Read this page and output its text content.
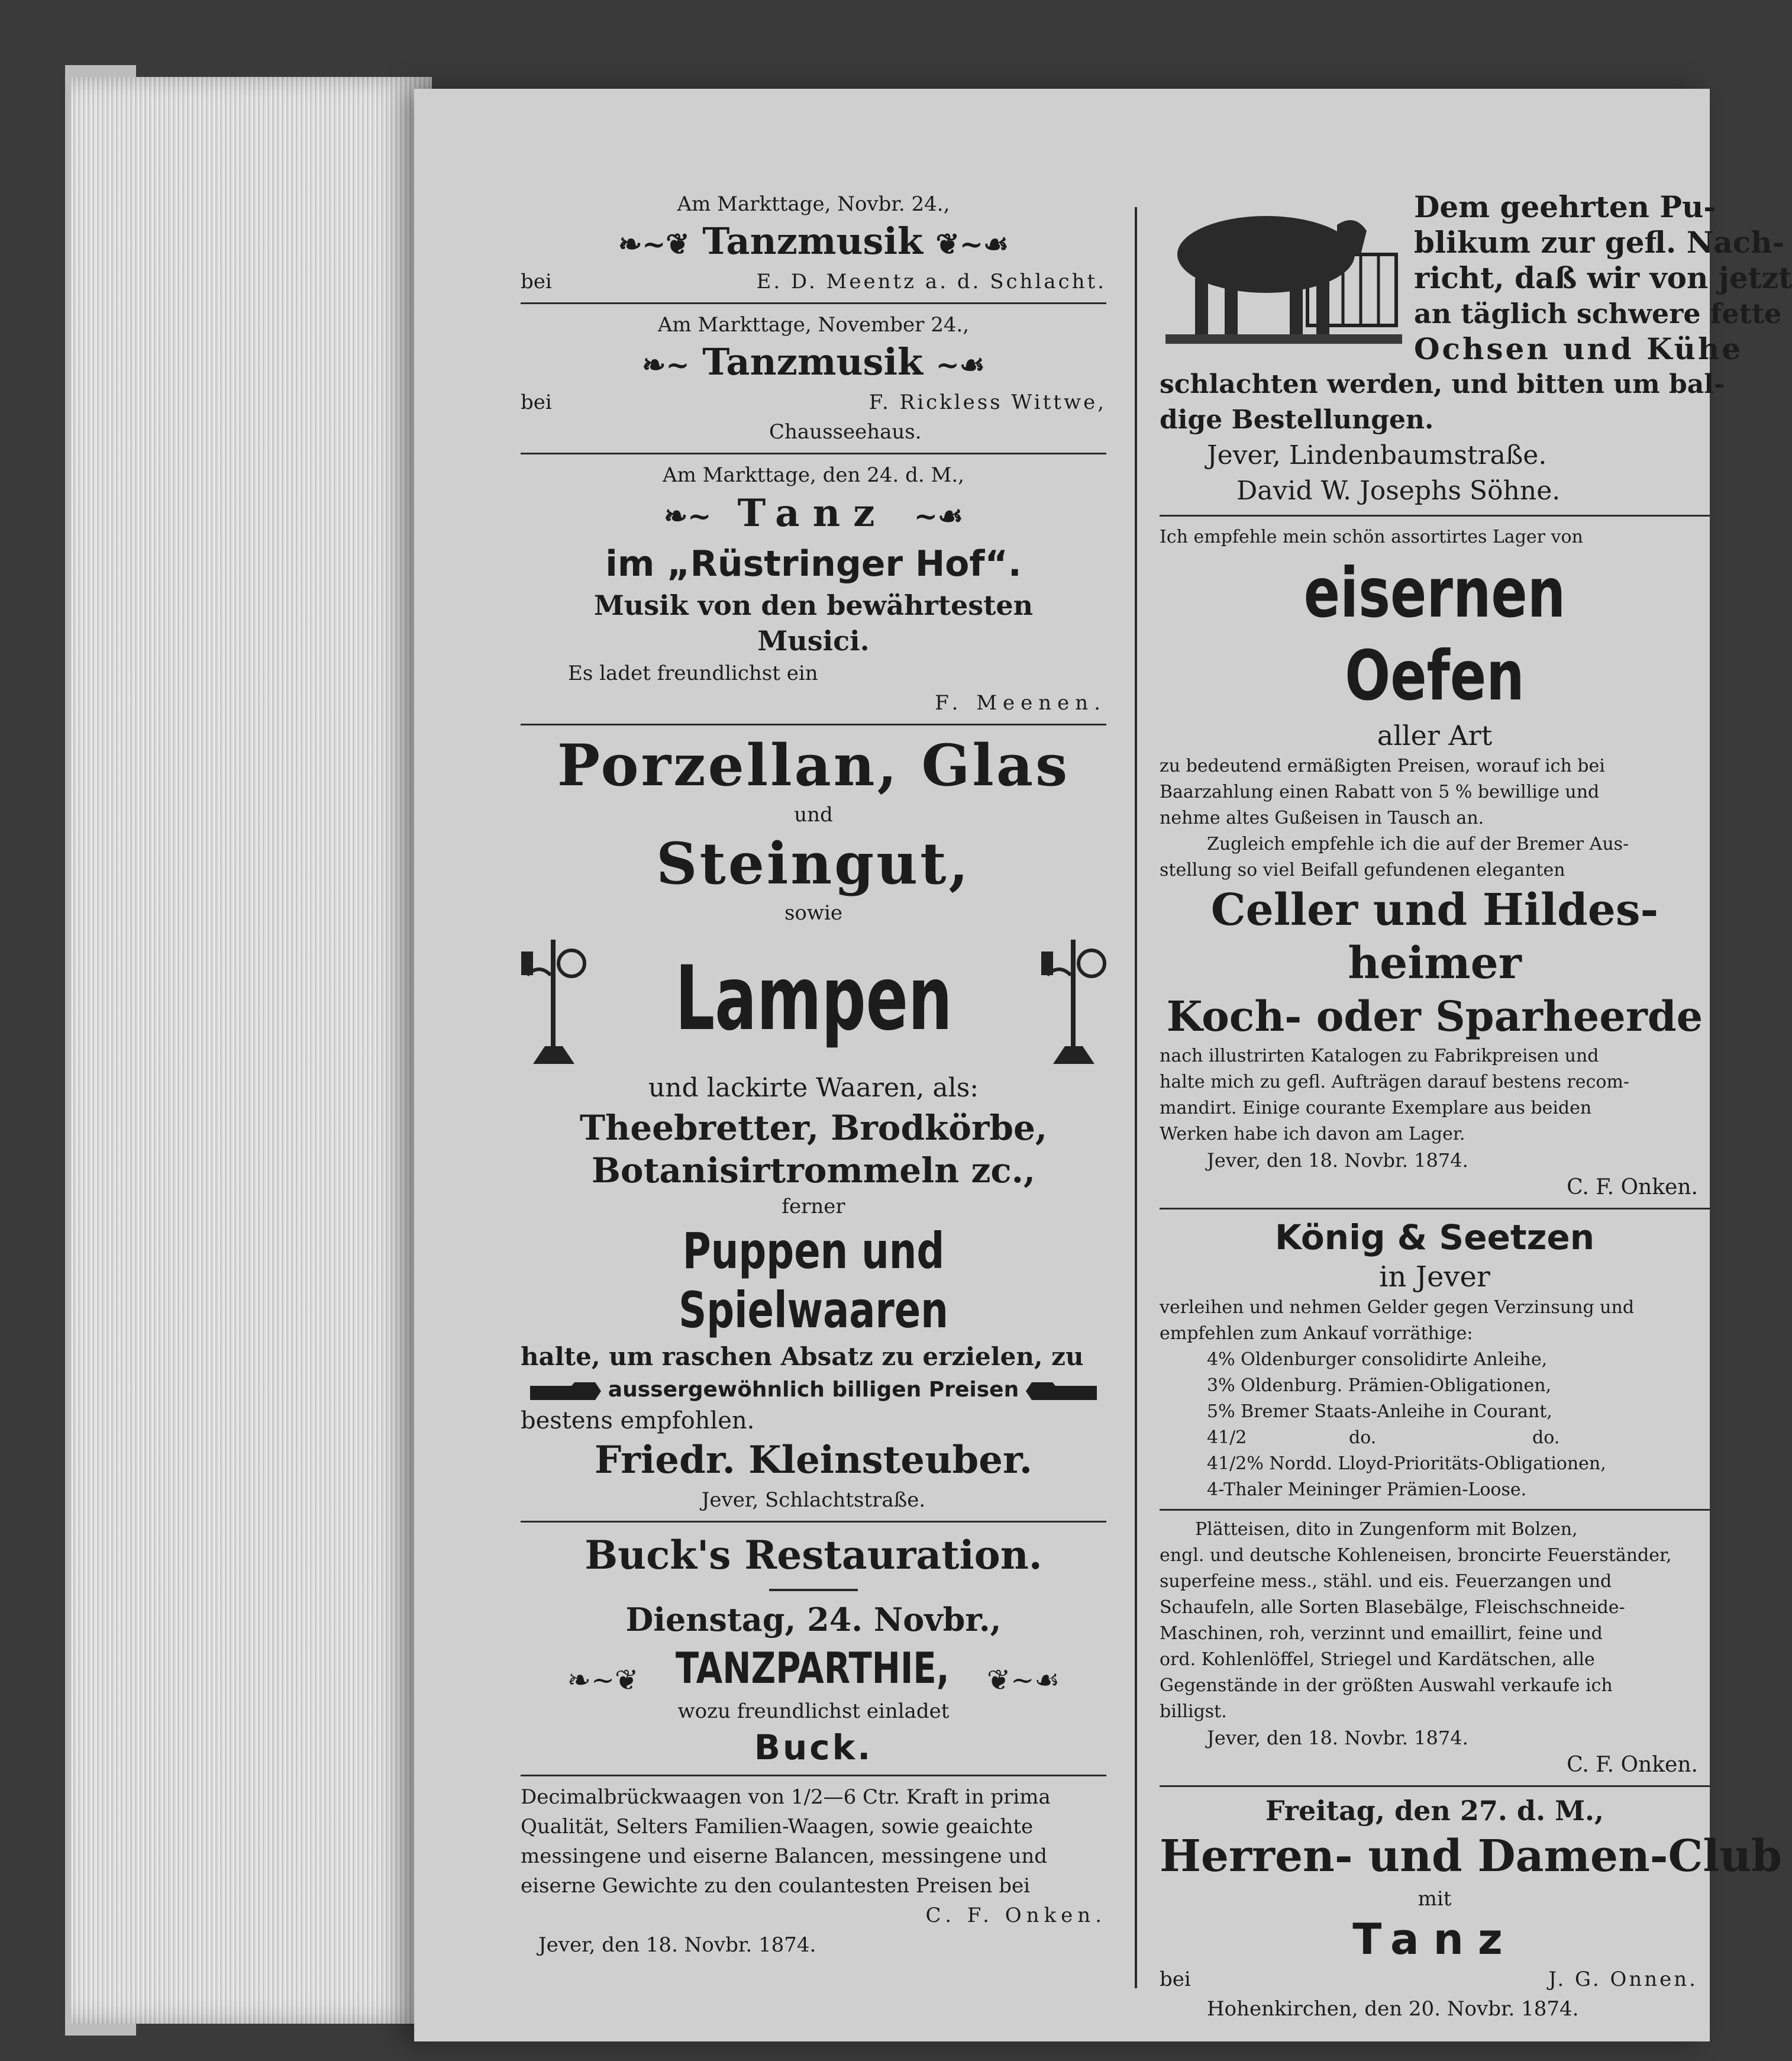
Am Markttage, Novbr. 24.,
❧~❦ Tanzmusik ❦~☙
bei	E. D. Meentz a. d. Schlacht.
Am Markttage, November 24.,
❧~ Tanzmusik ~☙
bei	F. Rickless Wittwe,
Chausseehaus.
Am Markttage, den 24. d. M.,
❧~ Tanz ~☙
im „Rüstringer Hof“.
Musik von den bewährtesten
Musici.
Es ladet freundlichst ein
F. Meenen.
Porzellan, Glas
und
Steingut,
sowie
Lampen
und lackirte Waaren, als:
Theebretter, Brodkörbe,
Botanisirtrommeln zc.,
ferner
Puppen und Spielwaaren
halte, um raschen Absatz zu erzielen, zu
aussergewöhnlich billigen Preisen
bestens empfohlen.
Friedr. Kleinsteuber.
Jever, Schlachtstraße.
Buck's Restauration.
Dienstag, 24. Novbr.,
❧~❦ TANZPARTHIE, ❦~☙
wozu freundlichst einladet
Buck.
Decimalbrückwaagen von 1/2—6 Ctr. Kraft in prima
Qualität, Selters Familien-Waagen, sowie geaichte
messingene und eiserne Balancen, messingene und
eiserne Gewichte zu den coulantesten Preisen bei
C. F. Onken.
Jever, den 18. Novbr. 1874.
Dem geehrten Pu-
blikum zur gefl. Nach-
richt, daß wir von jetzt
an täglich schwere fette
Ochsen und Kühe
schlachten werden, und bitten um bal-
dige Bestellungen.
Jever, Lindenbaumstraße.
David W. Josephs Söhne.
Ich empfehle mein schön assortirtes Lager von
eisernen Oefen
aller Art
zu bedeutend ermäßigten Preisen, worauf ich bei
Baarzahlung einen Rabatt von 5 % bewillige und
nehme altes Gußeisen in Tausch an.
Zugleich empfehle ich die auf der Bremer Aus-
stellung so viel Beifall gefundenen eleganten
Celler und Hildes-
heimer
Koch- oder Sparheerde
nach illustrirten Katalogen zu Fabrikpreisen und
halte mich zu gefl. Aufträgen darauf bestens recom-
mandirt. Einige courante Exemplare aus beiden
Werken habe ich davon am Lager.
Jever, den 18. Novbr. 1874.
C. F. Onken.
König & Seetzen
in Jever
verleihen und nehmen Gelder gegen Verzinsung und
empfehlen zum Ankauf vorräthige:
4% Oldenburger consolidirte Anleihe,
3% Oldenburg. Prämien-Obligationen,
5% Bremer Staats-Anleihe in Courant,
41/2	do.	do.
41/2% Nordd. Lloyd-Prioritäts-Obligationen,
4-Thaler Meininger Prämien-Loose.
Plätteisen, dito in Zungenform mit Bolzen,
engl. und deutsche Kohleneisen, broncirte Feuerständer,
superfeine mess., stähl. und eis. Feuerzangen und
Schaufeln, alle Sorten Blasebälge, Fleischschneide-
Maschinen, roh, verzinnt und emaillirt, feine und
ord. Kohlenlöffel, Striegel und Kardätschen, alle
Gegenstände in der größten Auswahl verkaufe ich
billigst.
Jever, den 18. Novbr. 1874.
C. F. Onken.
Freitag, den 27. d. M.,
Herren- und Damen-Club
mit
Tanz
bei	J. G. Onnen.
Hohenkirchen, den 20. Novbr. 1874.
